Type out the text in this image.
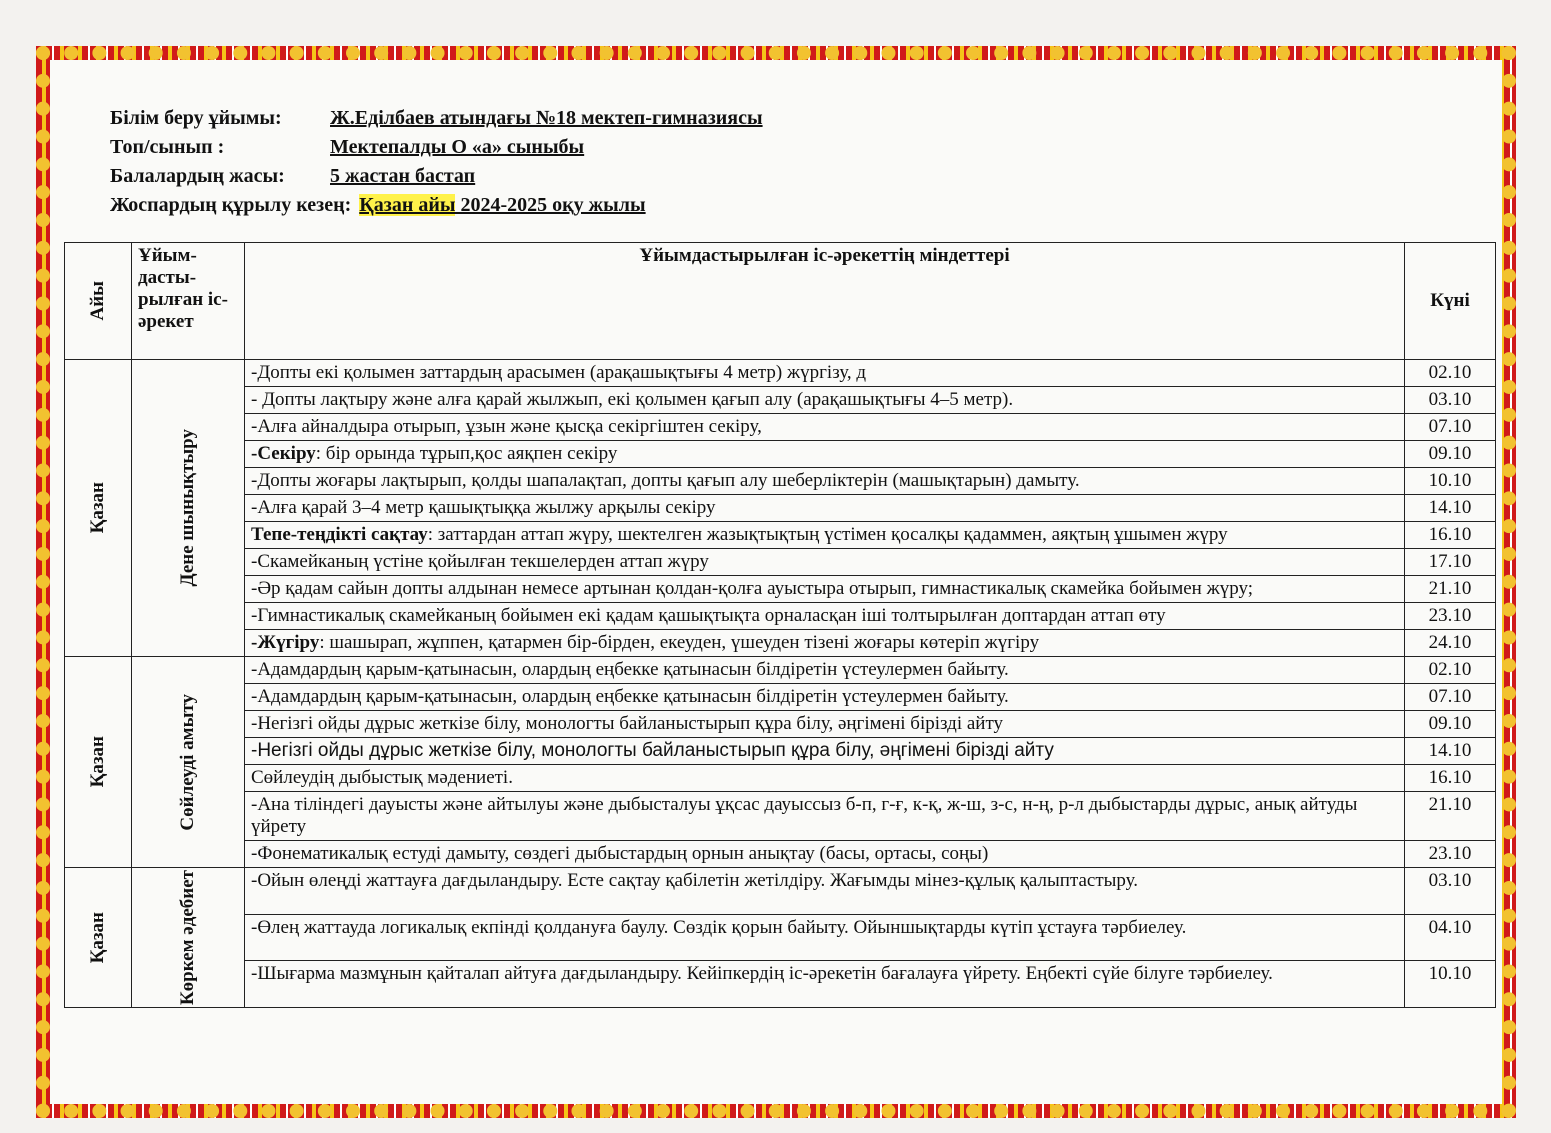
Білім беру ұйымы:	Ж.Еділбаев атындағы №18 мектеп-гимназиясы
Топ/сынып :	Мектепалды О «а» сыныбы
Балалардың жасы:	5 жастан бастап
Жоспардың құрылу кезең: Қазан айы 2024-2025 оқу жылы
Айы	Ұйым-дасты-рылған іс-әрекет	Ұйымдастырылған іс-әрекеттің міндеттері	Күні

Қазан	Дене шынықтыру	-Допты екі қолымен заттардың арасымен (арақашықтығы 4 метр) жүргізу, д	02.10
		- Допты лақтыру және алға қарай жылжып, екі қолымен қағып алу (арақашықтығы 4–5 метр).	03.10
		-Алға айналдыра отырып, ұзын және қысқа секіргіштен секіру,	07.10
		-Секіру: бір орында тұрып,қос аяқпен секіру	09.10
		-Допты жоғары лақтырып, қолды шапалақтап, допты қағып алу шеберліктерін (машықтарын) дамыту.	10.10
		-Алға қарай 3–4 метр қашықтыққа жылжу арқылы секіру	14.10
		Тепе-теңдікті сақтау: заттардан аттап жүру, шектелген жазықтықтың үстімен қосалқы қадаммен, аяқтың ұшымен жүру	16.10
		-Скамейканың үстіне қойылған текшелерден аттап жүру	17.10
		-Әр қадам сайын допты алдынан немесе артынан қолдан-қолға ауыстыра отырып, гимнастикалық скамейка бойымен жүру;	21.10
		-Гимнастикалық скамейканың бойымен екі қадам қашықтықта орналасқан іші толтырылған доптардан аттап өту	23.10
		-Жүгіру: шашырап, жұппен, қатармен бір-бірден, екеуден, үшеуден тізені жоғары көтеріп жүгіру	24.10

Қазан	Сөйлеуді амыту	-Адамдардың қарым-қатынасын, олардың еңбекке қатынасын білдіретін үстеулермен байыту.	02.10
		-Адамдардың қарым-қатынасын, олардың еңбекке қатынасын білдіретін үстеулермен байыту.	07.10
		-Негізгі ойды дұрыс жеткізе білу, монологты байланыстырып құра білу, әңгімені бірізді айту	09.10
		-Негізгі ойды дұрыс жеткізе білу, монологты байланыстырып құра білу, әңгімені бірізді айту	14.10
		Сөйлеудің дыбыстық мәдениеті.	16.10
		-Ана тіліндегі дауысты және айтылуы және дыбысталуы ұқсас дауыссыз б-п, г-ғ, к-қ, ж-ш, з-с, н-ң, р-л дыбыстарды дұрыс, анық айтуды үйрету	21.10
		-Фонематикалық естуді дамыту, сөздегі дыбыстардың орнын анықтау (басы, ортасы, соңы)	23.10

Қазан	Көркем әдебиет	-Ойын өлеңді жаттауға дағдыландыру. Есте сақтау қабілетін жетілдіру. Жағымды мінез-құлық қалыптастыру.	03.10
		-Өлең жаттауда логикалық екпінді қолдануға баулу. Сөздік қорын байыту. Ойыншықтарды күтіп ұстауға тәрбиелеу.	04.10
		-Шығарма мазмұнын қайталап айтуға дағдыландыру. Кейіпкердің іс-әрекетін бағалауға үйрету. Еңбекті сүйе білуге тәрбиелеу.	10.10
